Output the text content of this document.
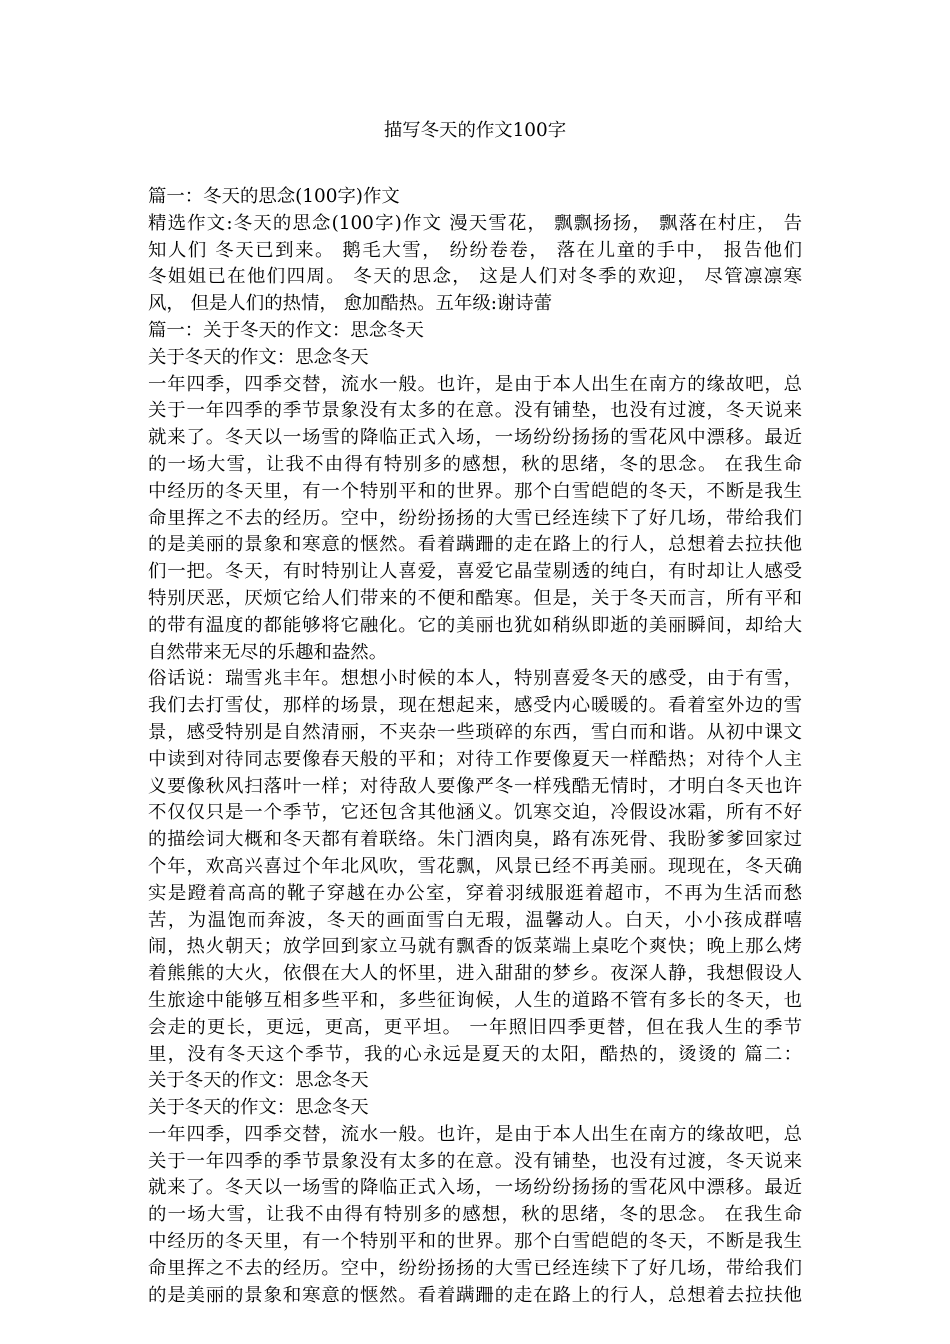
描写冬天的作文100字
篇一：冬天的思念(100字)作文
精选作文:冬天的思念(100字)作文 漫天雪花， 飘飘扬扬， 飘落在村庄， 告
知人们 冬天已到来。 鹅毛大雪， 纷纷卷卷， 落在儿童的手中， 报告他们
冬姐姐已在他们四周。 冬天的思念， 这是人们对冬季的欢迎， 尽管凛凛寒
风， 但是人们的热情， 愈加酷热。五年级:谢诗蕾
篇一：关于冬天的作文：思念冬天
关于冬天的作文：思念冬天
一年四季，四季交替，流水一般。也许，是由于本人出生在南方的缘故吧，总
关于一年四季的季节景象没有太多的在意。没有铺垫，也没有过渡，冬天说来
就来了。冬天以一场雪的降临正式入场，一场纷纷扬扬的雪花风中漂移。最近
的一场大雪，让我不由得有特别多的感想，秋的思绪，冬的思念。 在我生命
中经历的冬天里，有一个特别平和的世界。那个白雪皑皑的冬天，不断是我生
命里挥之不去的经历。空中，纷纷扬扬的大雪已经连续下了好几场，带给我们
的是美丽的景象和寒意的惬然。看着蹒跚的走在路上的行人，总想着去拉扶他
们一把。冬天，有时特别让人喜爱，喜爱它晶莹剔透的纯白，有时却让人感受
特别厌恶，厌烦它给人们带来的不便和酷寒。但是，关于冬天而言，所有平和
的带有温度的都能够将它融化。它的美丽也犹如稍纵即逝的美丽瞬间，却给大
自然带来无尽的乐趣和盎然。
俗话说：瑞雪兆丰年。想想小时候的本人，特别喜爱冬天的感受，由于有雪，
我们去打雪仗，那样的场景，现在想起来，感受内心暖暖的。看着室外边的雪
景，感受特别是自然清丽，不夹杂一些琐碎的东西，雪白而和谐。从初中课文
中读到对待同志要像春天般的平和；对待工作要像夏天一样酷热；对待个人主
义要像秋风扫落叶一样；对待敌人要像严冬一样残酷无情时，才明白冬天也许
不仅仅只是一个季节，它还包含其他涵义。饥寒交迫，冷假设冰霜，所有不好
的描绘词大概和冬天都有着联络。朱门酒肉臭，路有冻死骨、我盼爹爹回家过
个年，欢高兴喜过个年北风吹，雪花飘，风景已经不再美丽。现现在，冬天确
实是蹬着高高的靴子穿越在办公室，穿着羽绒服逛着超市，不再为生活而愁
苦，为温饱而奔波，冬天的画面雪白无瑕，温馨动人。白天，小小孩成群嘻
闹，热火朝天；放学回到家立马就有飘香的饭菜端上桌吃个爽快；晚上那么烤
着熊熊的大火，依偎在大人的怀里，进入甜甜的梦乡。夜深人静，我想假设人
生旅途中能够互相多些平和，多些征询候，人生的道路不管有多长的冬天，也
会走的更长，更远，更高，更平坦。 一年照旧四季更替，但在我人生的季节
里，没有冬天这个季节，我的心永远是夏天的太阳，酷热的，烫烫的 篇二：
关于冬天的作文：思念冬天
关于冬天的作文：思念冬天
一年四季，四季交替，流水一般。也许，是由于本人出生在南方的缘故吧，总
关于一年四季的季节景象没有太多的在意。没有铺垫，也没有过渡，冬天说来
就来了。冬天以一场雪的降临正式入场，一场纷纷扬扬的雪花风中漂移。最近
的一场大雪，让我不由得有特别多的感想，秋的思绪，冬的思念。 在我生命
中经历的冬天里，有一个特别平和的世界。那个白雪皑皑的冬天，不断是我生
命里挥之不去的经历。空中，纷纷扬扬的大雪已经连续下了好几场，带给我们
的是美丽的景象和寒意的惬然。看着蹒跚的走在路上的行人，总想着去拉扶他
